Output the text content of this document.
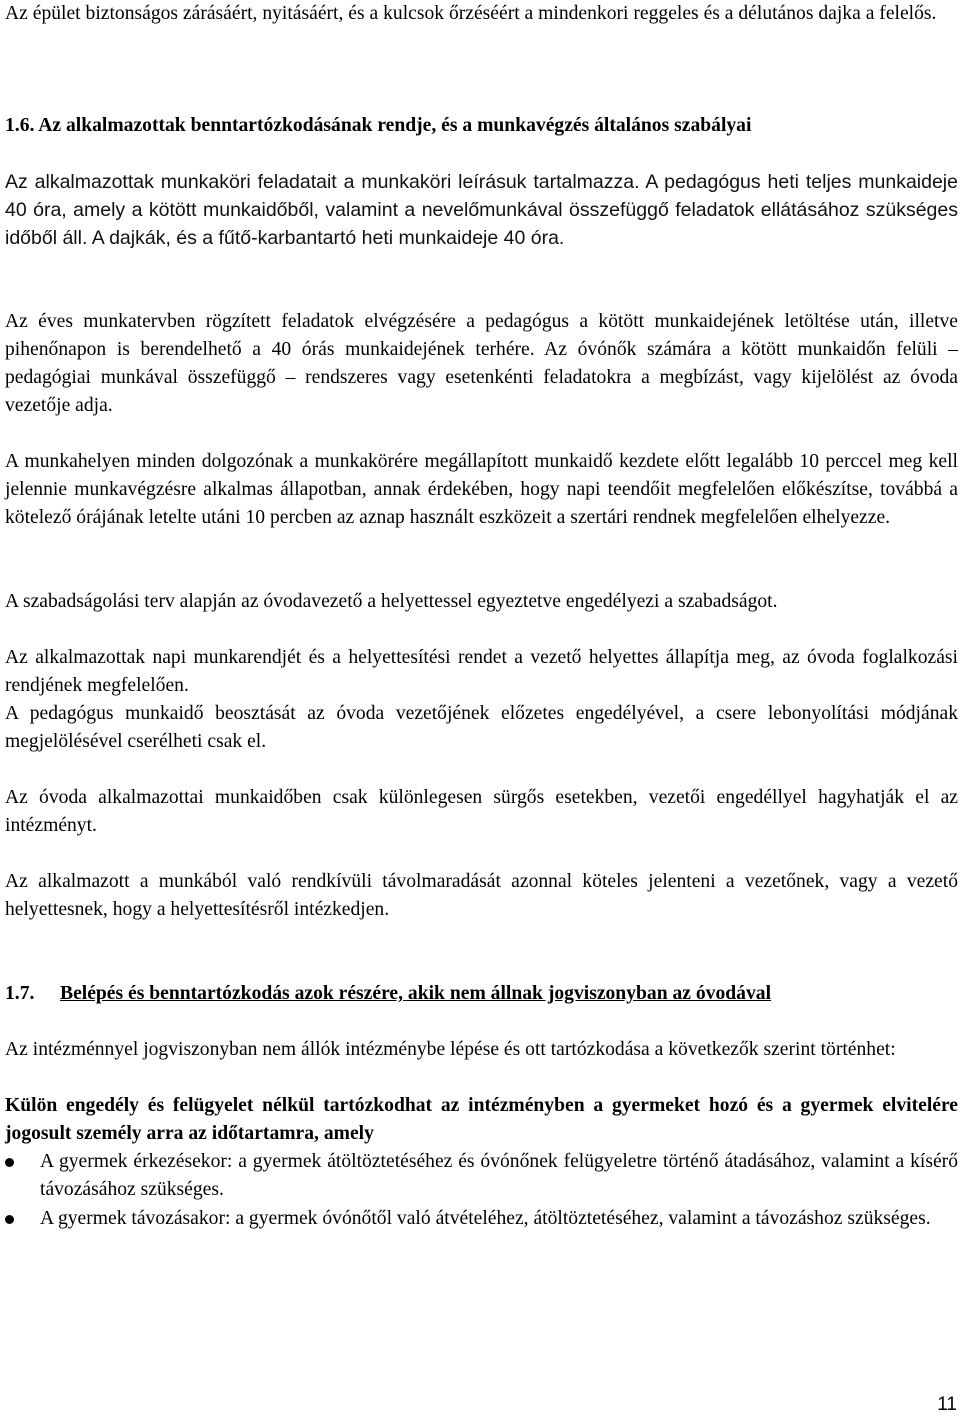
Az épület biztonságos zárásáért, nyitásáért, és a kulcsok őrzéséért a mindenkori reggeles és a délutános dajka a felelős.

1.6. Az alkalmazottak benntartózkodásának rendje, és a munkavégzés általános szabályai

Az alkalmazottak munkaköri feladatait a munkaköri leírásuk tartalmazza. A pedagógus heti teljes munkaideje 40 óra, amely a kötött munkaidőből, valamint a nevelőmunkával összefüggő feladatok ellátásához szükséges időből áll. A dajkák, és a fűtő-karbantartó heti munkaideje 40 óra.

Az éves munkatervben rögzített feladatok elvégzésére a pedagógus a kötött munkaidejének letöltése után, illetve pihenőnapon is berendelhető a 40 órás munkaidejének terhére. Az óvónők számára a kötött munkaidőn felüli – pedagógiai munkával összefüggő – rendszeres vagy esetenkénti feladatokra a megbízást, vagy kijelölést az óvoda vezetője adja.

A munkahelyen minden dolgozónak a munkakörére megállapított munkaidő kezdete előtt legalább 10 perccel meg kell jelennie munkavégzésre alkalmas állapotban, annak érdekében, hogy napi teendőit megfelelően előkészítse, továbbá a kötelező órájának letelte utáni 10 percben az aznap használt eszközeit a szertári rendnek megfelelően elhelyezze.

A szabadságolási terv alapján az óvodavezető a helyettessel egyeztetve engedélyezi a szabadságot.

Az alkalmazottak napi munkarendjét és a helyettesítési rendet a vezető helyettes állapítja meg, az óvoda foglalkozási rendjének megfelelően.

A pedagógus munkaidő beosztását az óvoda vezetőjének előzetes engedélyével, a csere lebonyolítási módjának megjelölésével cserélheti csak el.

Az óvoda alkalmazottai munkaidőben csak különlegesen sürgős esetekben, vezetői engedéllyel hagyhatják el az intézményt.

Az alkalmazott a munkából való rendkívüli távolmaradását azonnal köteles jelenteni a vezetőnek, vagy a vezető helyettesnek, hogy a helyettesítésről intézkedjen.

1.7. Belépés és benntartózkodás azok részére, akik nem állnak jogviszonyban az óvodával

Az intézménnyel jogviszonyban nem állók intézménybe lépése és ott tartózkodása a következők szerint történhet:

Külön engedély és felügyelet nélkül tartózkodhat az intézményben a gyermeket hozó és a gyermek elvitelére jogosult személy arra az időtartamra, amely

A gyermek érkezésekor: a gyermek átöltöztetéséhez és óvónőnek felügyeletre történő átadásához, valamint a kísérő távozásához szükséges.
A gyermek távozásakor: a gyermek óvónőtől való átvételéhez, átöltöztetéséhez, valamint a távozáshoz szükséges.
11
